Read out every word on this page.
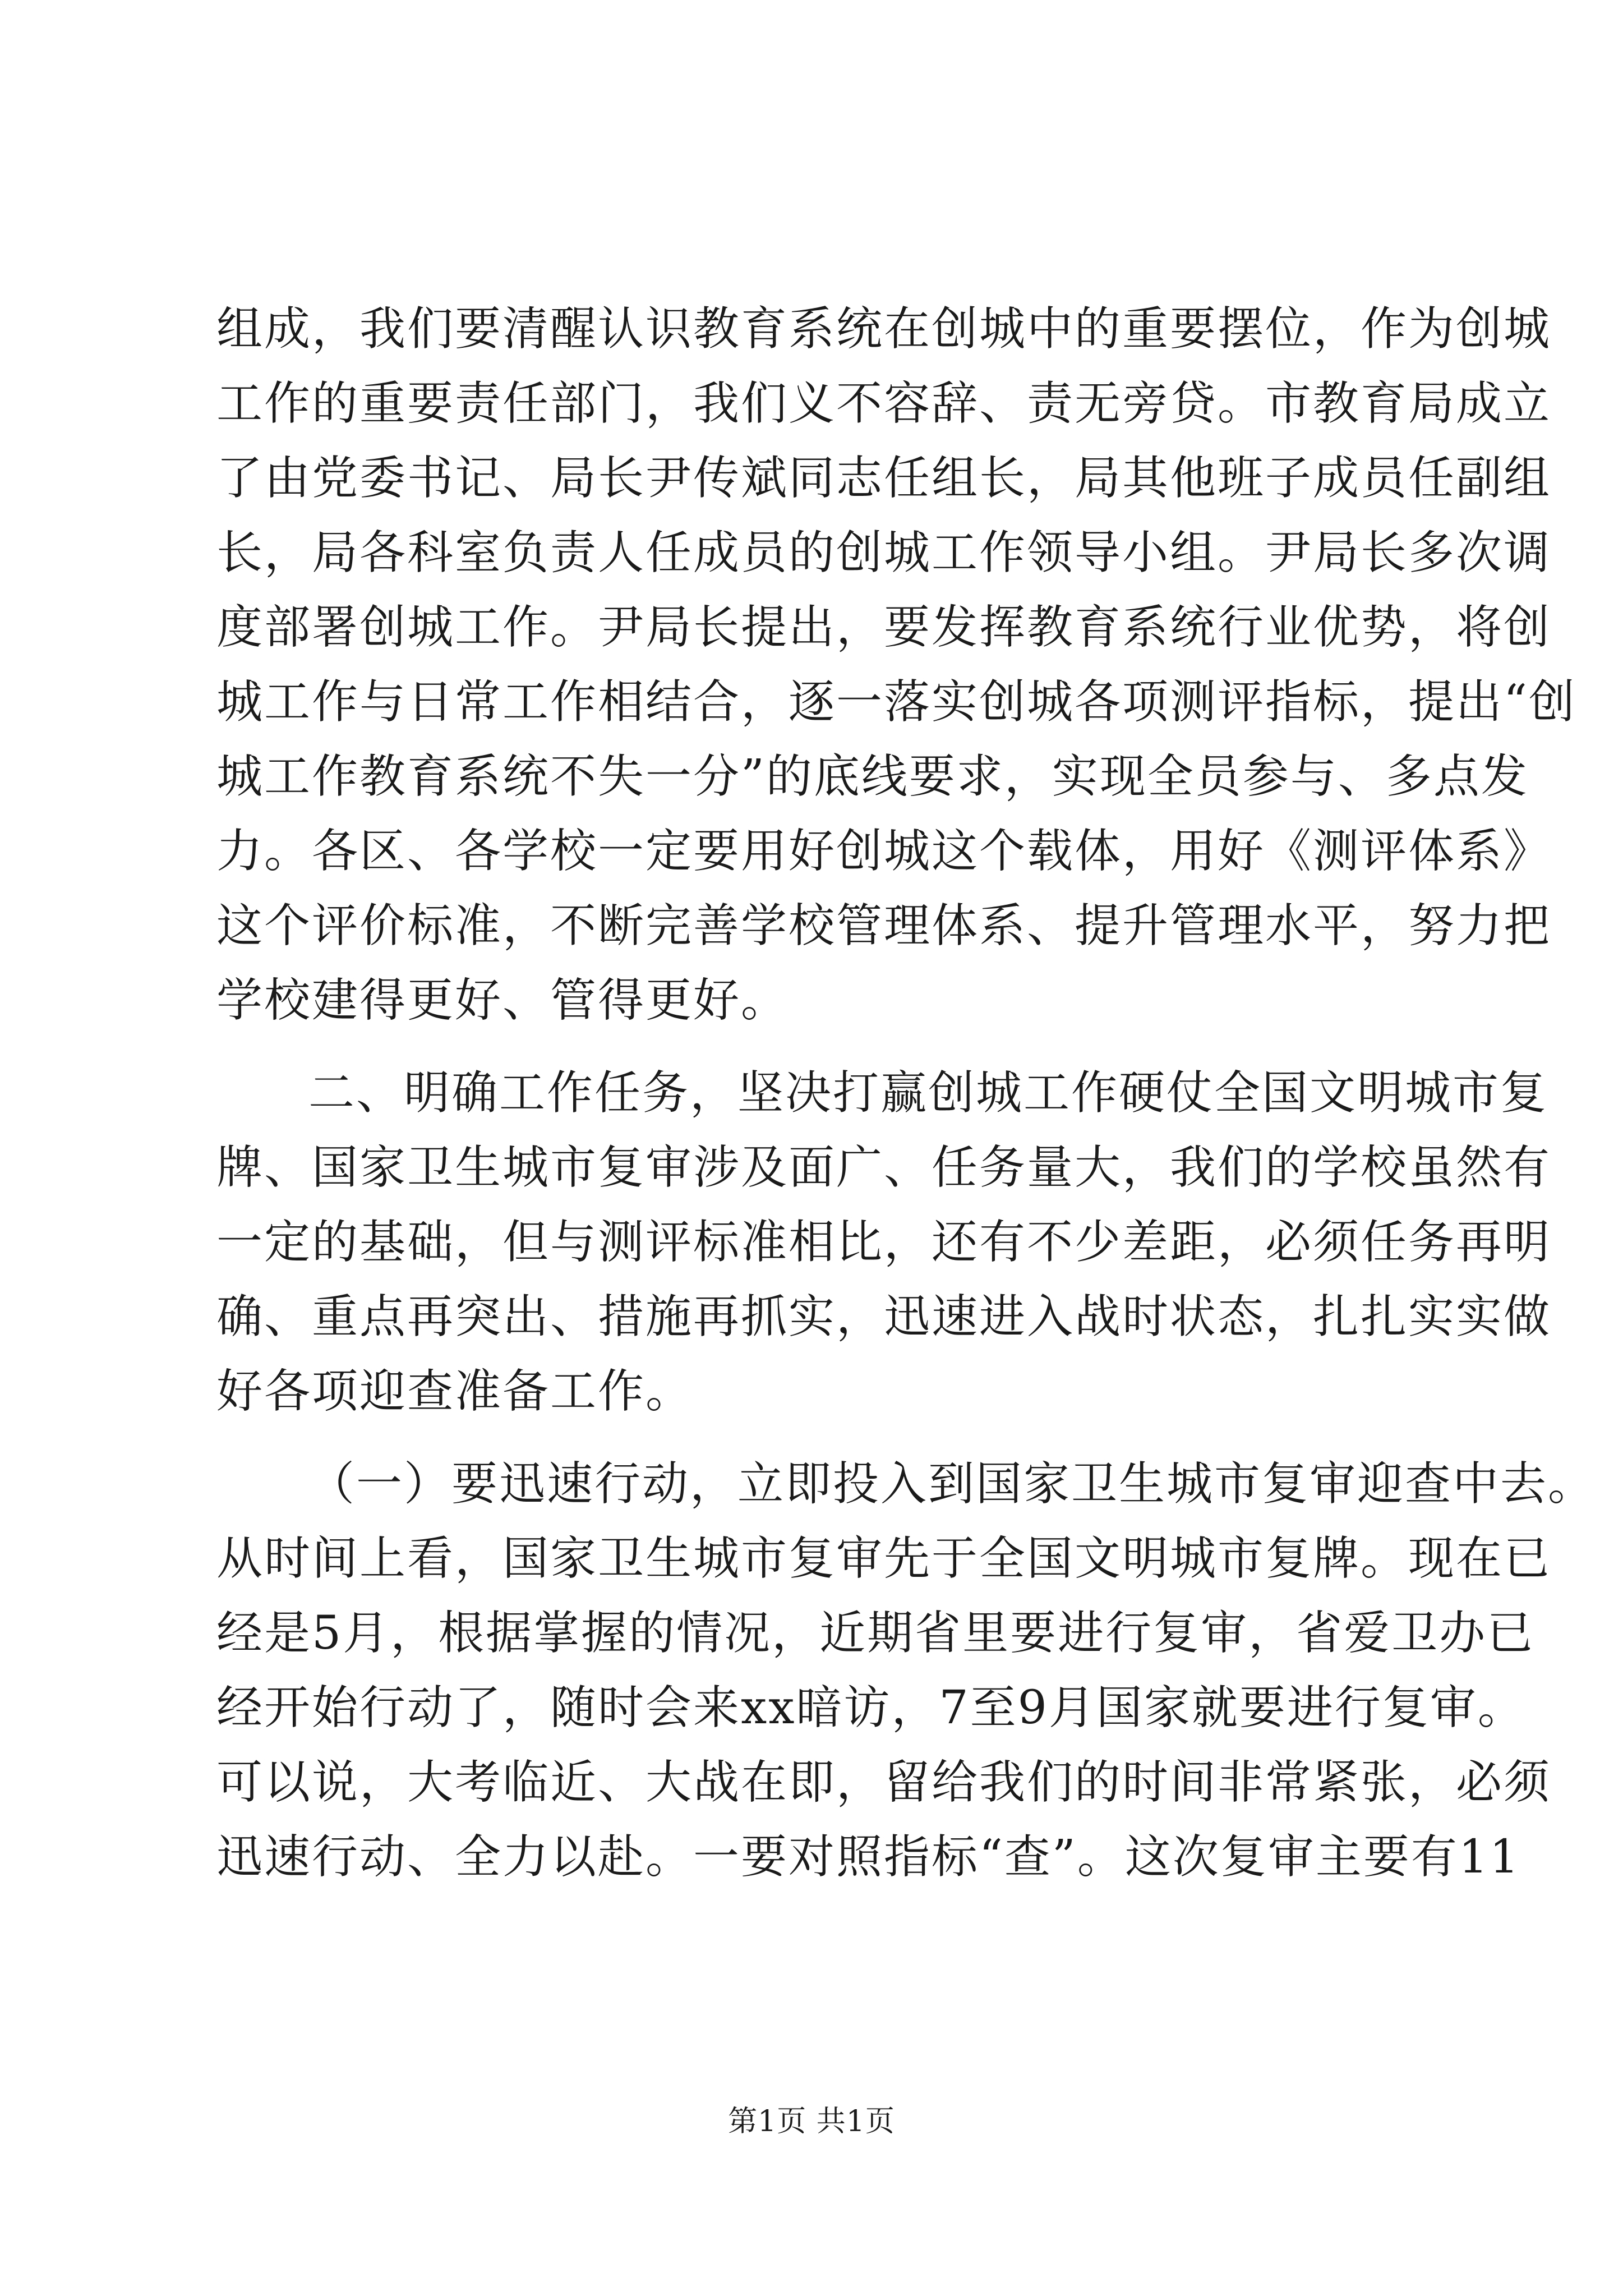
组成，我们要清醒认识教育系统在创城中的重要摆位，作为创城
工作的重要责任部门，我们义不容辞、责无旁贷。市教育局成立
了由党委书记、局长尹传斌同志任组长，局其他班子成员任副组
长，局各科室负责人任成员的创城工作领导小组。尹局长多次调
度部署创城工作。尹局长提出，要发挥教育系统行业优势，将创
城工作与日常工作相结合，逐一落实创城各项测评指标，提出“创
城工作教育系统不失一分”的底线要求，实现全员参与、多点发
力。各区、各学校一定要用好创城这个载体，用好《测评体系》
这个评价标准，不断完善学校管理体系、提升管理水平，努力把
学校建得更好、管得更好。

二、明确工作任务，坚决打赢创城工作硬仗全国文明城市复
牌、国家卫生城市复审涉及面广、任务量大，我们的学校虽然有
一定的基础，但与测评标准相比，还有不少差距，必须任务再明
确、重点再突出、措施再抓实，迅速进入战时状态，扎扎实实做
好各项迎查准备工作。

（一）要迅速行动，立即投入到国家卫生城市复审迎查中去。
从时间上看，国家卫生城市复审先于全国文明城市复牌。现在已
经是5月，根据掌握的情况，近期省里要进行复审，省爱卫办已
经开始行动了，随时会来xx暗访，7至9月国家就要进行复审。
可以说，大考临近、大战在即，留给我们的时间非常紧张，必须
迅速行动、全力以赴。一要对照指标“查”。这次复审主要有11

第1页 共1页
